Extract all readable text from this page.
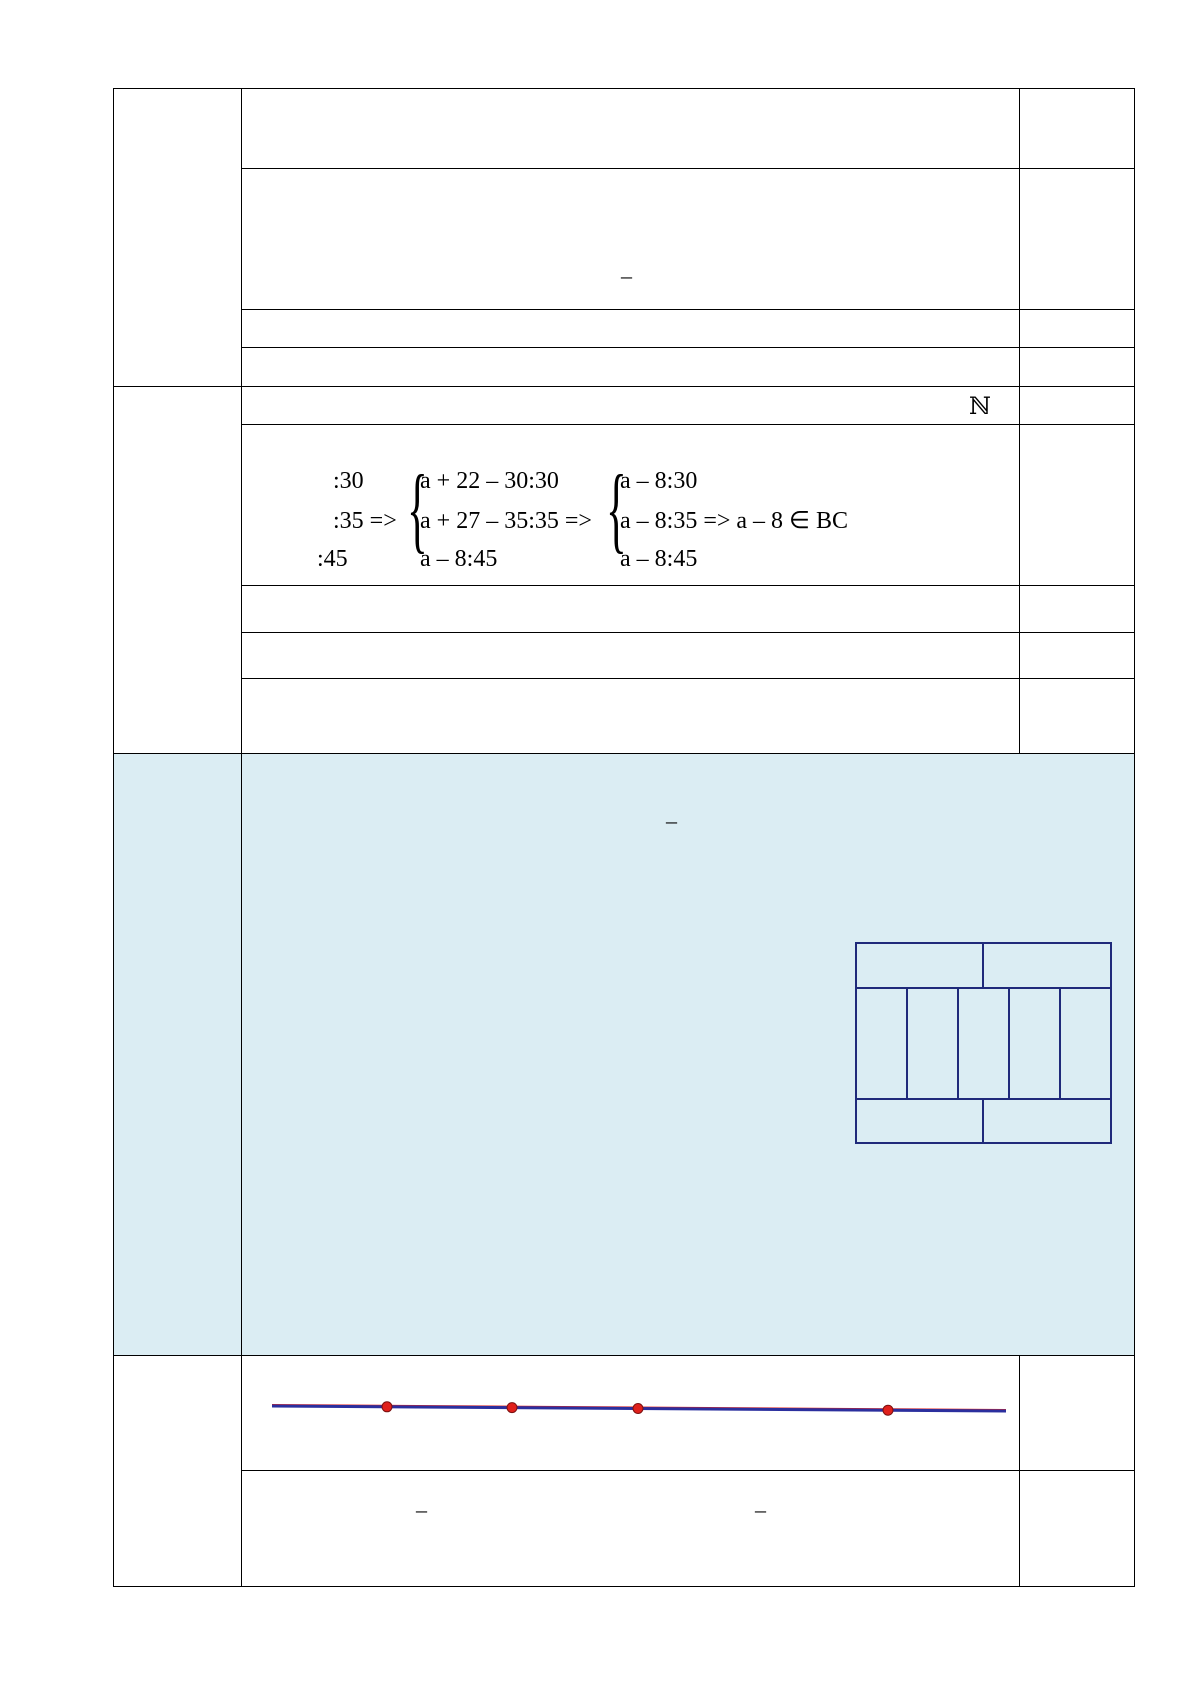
–
ℕ
:30
:35 =>
:45 {
a + 22 – 30:30
a + 27 – 35:35 =>
a – 8:45 {
a – 8:30
a – 8:35 => a – 8 ∈ BC
a – 8:45
–
–	–
